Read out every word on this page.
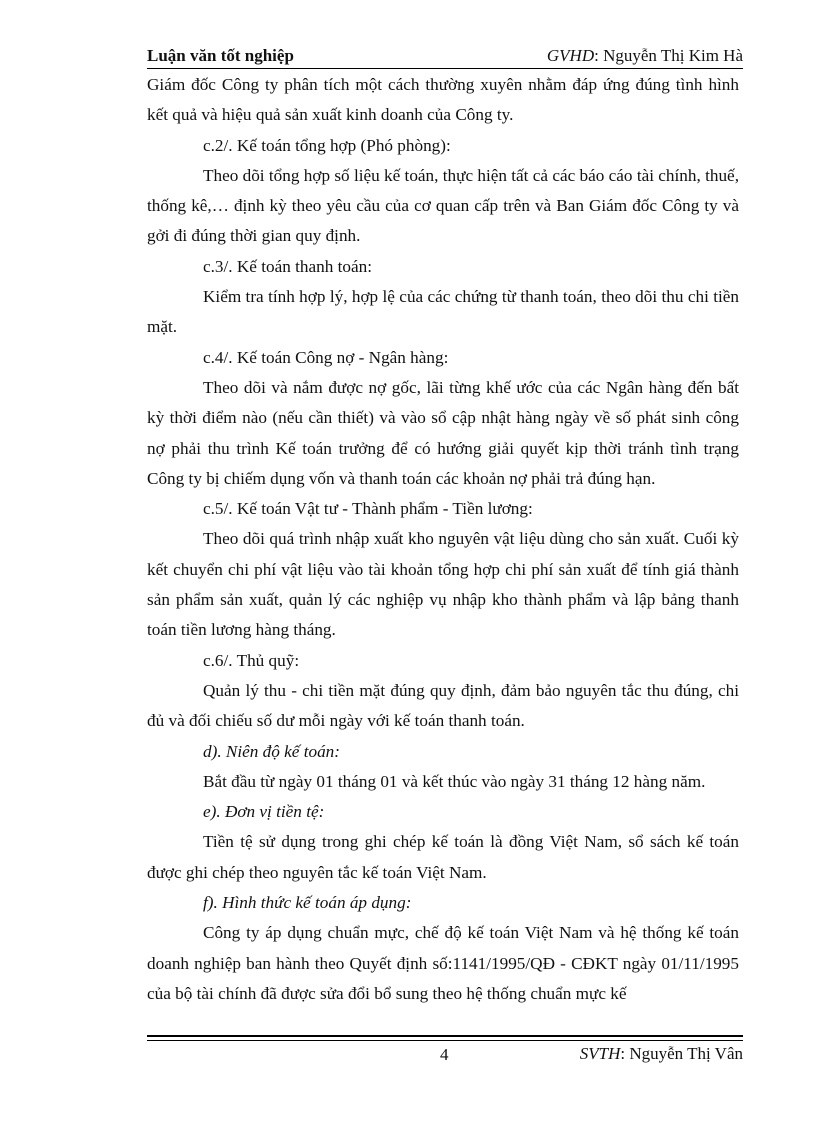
Luận văn tốt nghiệp	GVHD: Nguyễn Thị Kim Hà

Giám đốc Công ty phân tích một cách thường xuyên nhằm đáp ứng đúng tình hình kết quả và hiệu quả sản xuất kinh doanh của Công ty.

c.2/. Kế toán tổng hợp (Phó phòng):

Theo dõi tổng hợp số liệu kế toán, thực hiện tất cả các báo cáo tài chính, thuế, thống kê,… định kỳ theo yêu cầu của cơ quan cấp trên và Ban Giám đốc Công ty và gởi đi đúng thời gian quy định.

c.3/. Kế toán thanh toán:

Kiểm tra tính hợp lý, hợp lệ của các chứng từ thanh toán, theo dõi thu chi tiền mặt.

c.4/. Kế toán Công nợ - Ngân hàng:

Theo dõi và nắm được nợ gốc, lãi từng khế ước của các Ngân hàng đến bất kỳ thời điểm nào (nếu cần thiết) và vào sổ cập nhật hàng ngày về số phát sinh công nợ phải thu trình Kế toán trưởng để có hướng giải quyết kịp thời tránh tình trạng Công ty bị chiếm dụng vốn và thanh toán các khoản nợ phải trả đúng hạn.

c.5/. Kế toán Vật tư - Thành phẩm - Tiền lương:

Theo dõi quá trình nhập xuất kho nguyên vật liệu dùng cho sản xuất. Cuối kỳ kết chuyển chi phí vật liệu vào tài khoản tổng hợp chi phí sản xuất để tính giá thành sản phẩm sản xuất, quản lý các nghiệp vụ nhập kho thành phẩm và lập bảng thanh toán tiền lương hàng tháng.

c.6/. Thủ quỹ:

Quản lý thu - chi tiền mặt đúng quy định, đảm bảo nguyên tắc thu đúng, chi đủ và đối chiếu số dư mỗi ngày với kế toán thanh toán.

d). Niên độ kế toán:

Bắt đầu từ ngày 01 tháng 01 và kết thúc vào ngày 31 tháng 12 hàng năm.

e). Đơn vị tiền tệ:

Tiền tệ sử dụng trong ghi chép kế toán là đồng Việt Nam, sổ sách kế toán được ghi chép theo nguyên tắc kế toán Việt Nam.

f). Hình thức kế toán áp dụng:

Công ty áp dụng chuẩn mực, chế độ kế toán Việt Nam và hệ thống kế toán doanh nghiệp ban hành theo Quyết định số:1141/1995/QĐ - CĐKT ngày 01/11/1995 của bộ tài chính đã được sửa đổi bổ sung theo hệ thống chuẩn mực kế

4	SVTH: Nguyễn Thị Vân
